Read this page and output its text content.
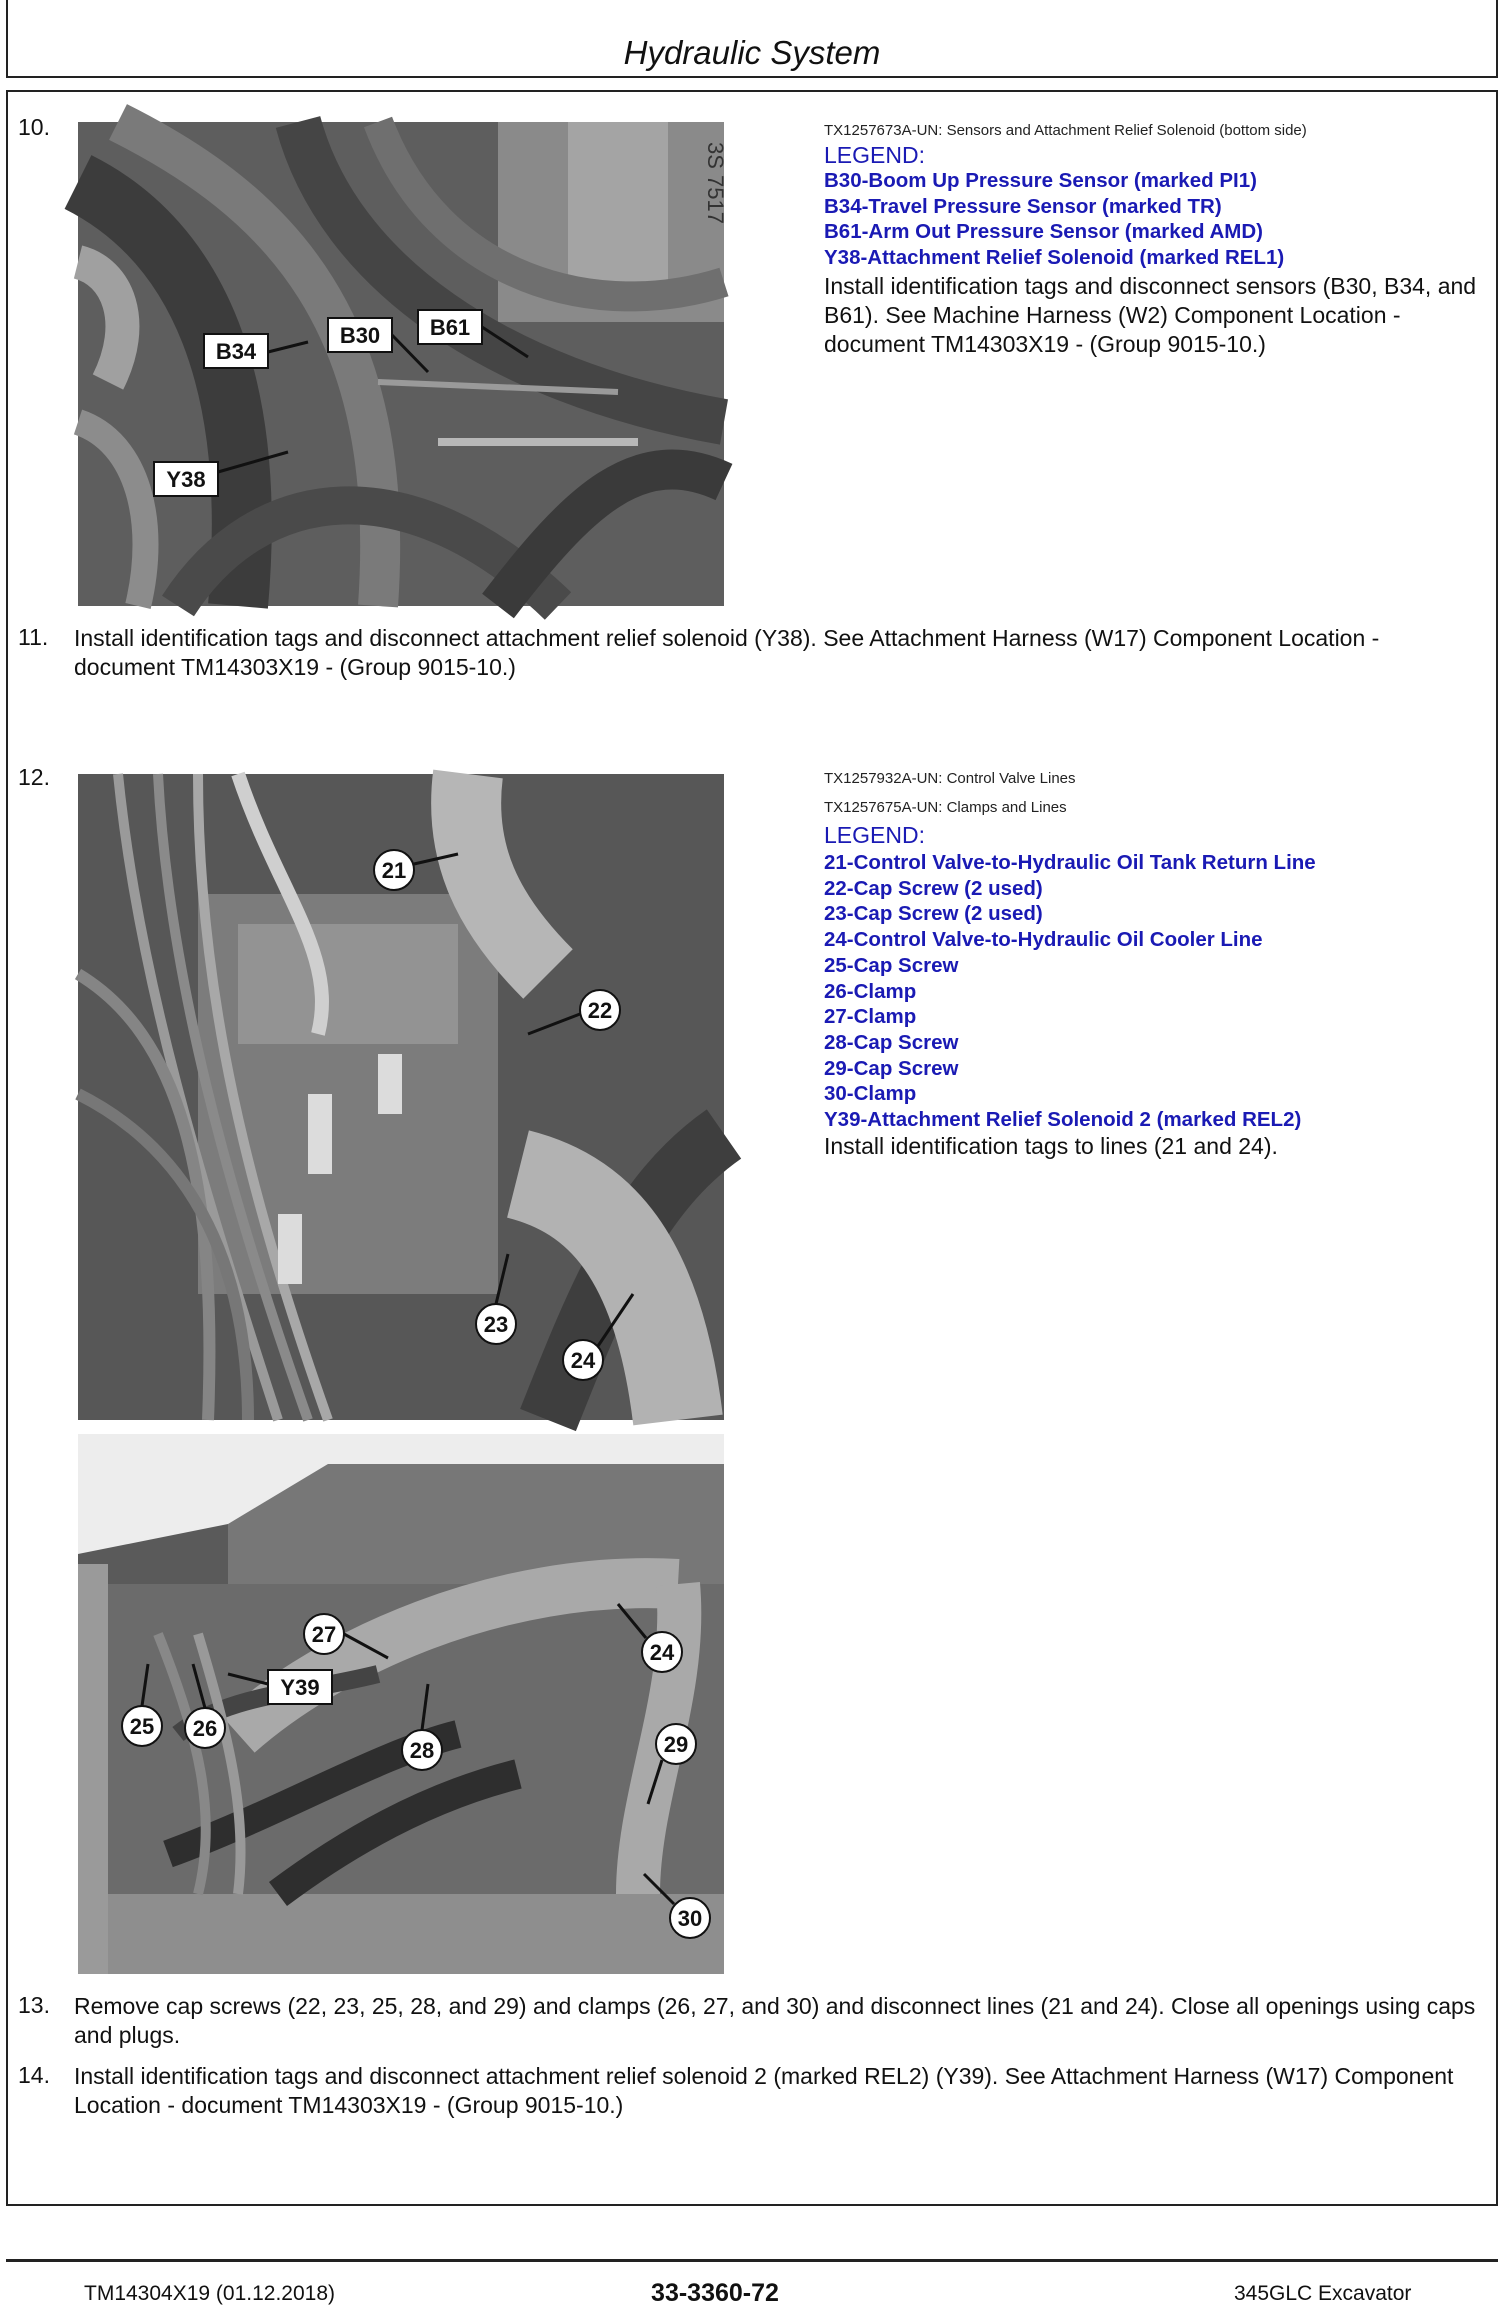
Hydraulic System
10.
3S 7517
B34
B30 B61
Y38
TX1257673A-UN: Sensors and Attachment Relief Solenoid (bottom side)
LEGEND:
B30-Boom Up Pressure Sensor (marked PI1)
B34-Travel Pressure Sensor (marked TR)
B61-Arm Out Pressure Sensor (marked AMD)
Y38-Attachment Relief Solenoid (marked REL1)
Install identification tags and disconnect sensors (B30, B34, and B61). See Machine Harness (W2) Component Location - document TM14303X19 - (Group 9015-10.)
11. Install identification tags and disconnect attachment relief solenoid (Y38). See Attachment Harness (W17) Component Location - document TM14303X19 - (Group 9015-10.)
12.
21
22
23
24
TX1257932A-UN: Control Valve Lines
TX1257675A-UN: Clamps and Lines
LEGEND:
21-Control Valve-to-Hydraulic Oil Tank Return Line
22-Cap Screw (2 used)
23-Cap Screw (2 used)
24-Control Valve-to-Hydraulic Oil Cooler Line
25-Cap Screw
26-Clamp
27-Clamp
28-Cap Screw
29-Cap Screw
30-Clamp
Y39-Attachment Relief Solenoid 2 (marked REL2)
Install identification tags to lines (21 and 24).
27
24
Y39
25 26
28	29
30
13. Remove cap screws (22, 23, 25, 28, and 29) and clamps (26, 27, and 30) and disconnect lines (21 and 24). Close all openings using caps and plugs.
14. Install identification tags and disconnect attachment relief solenoid 2 (marked REL2) (Y39). See Attachment Harness (W17) Component Location - document TM14303X19 - (Group 9015-10.)
TM14304X19 (01.12.2018)	33-3360-72	345GLC Excavator
